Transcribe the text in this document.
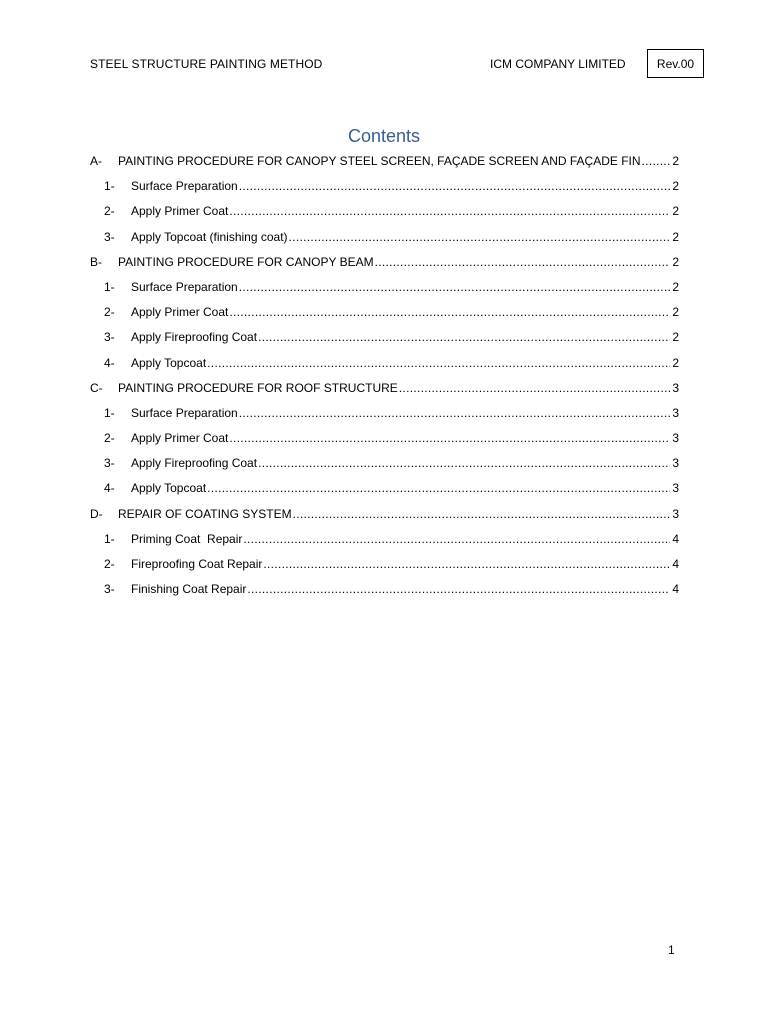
STEEL STRUCTURE PAINTING METHOD	ICM COMPANY LIMITED	Rev.00
Contents
A-	PAINTING PROCEDURE FOR CANOPY STEEL SCREEN, FAÇADE SCREEN AND FAÇADE FIN .....	2
1-	Surface Preparation .....	2
2-	Apply Primer Coat .....	2
3-	Apply Topcoat (finishing coat) .....	2
B-	PAINTING PROCEDURE FOR CANOPY BEAM .....	2
1-	Surface Preparation .....	2
2-	Apply Primer Coat .....	2
3-	Apply Fireproofing Coat .....	2
4-	Apply Topcoat .....	2
C-	PAINTING PROCEDURE FOR ROOF STRUCTURE .....	3
1-	Surface Preparation .....	3
2-	Apply Primer Coat .....	3
3-	Apply Fireproofing Coat .....	3
4-	Apply Topcoat .....	3
D-	REPAIR OF COATING SYSTEM .....	3
1-	Priming Coat  Repair .....	4
2-	Fireproofing Coat Repair .....	4
3-	Finishing Coat Repair .....	4
1
